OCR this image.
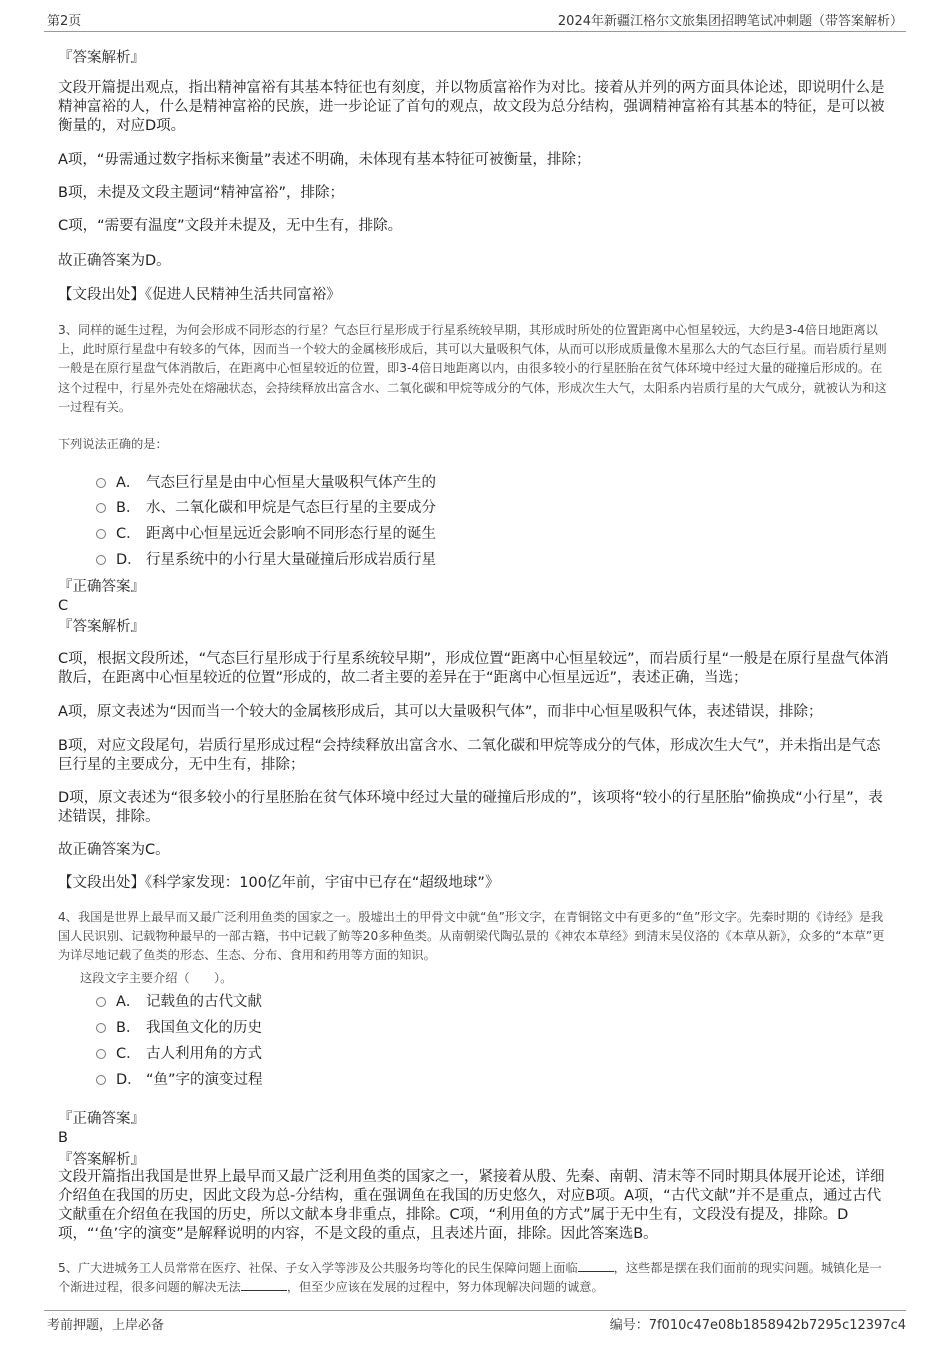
第2页	2024年新疆江格尔文旅集团招聘笔试冲刺题（带答案解析）
『答案解析』
文段开篇提出观点，指出精神富裕有其基本特征也有刻度，并以物质富裕作为对比。接着从并列的两方面具体论述，即说明什么是精神富裕的人，什么是精神富裕的民族，进一步论证了首句的观点，故文段为总分结构，强调精神富裕有其基本的特征，是可以被衡量的，对应D项。
A项，“毋需通过数字指标来衡量”表述不明确，未体现有基本特征可被衡量，排除；
B项，未提及文段主题词“精神富裕”，排除；
C项，“需要有温度”文段并未提及，无中生有，排除。
故正确答案为D。
【文段出处】《促进人民精神生活共同富裕》
3、同样的诞生过程，为何会形成不同形态的行星？气态巨行星形成于行星系统较早期，其形成时所处的位置距离中心恒星较远，大约是3-4倍日地距离以上，此时原行星盘中有较多的气体，因而当一个较大的金属核形成后，其可以大量吸积气体，从而可以形成质量像木星那么大的气态巨行星。而岩质行星则一般是在原行星盘气体消散后，在距离中心恒星较近的位置，即3-4倍日地距离以内，由很多较小的行星胚胎在贫气体环境中经过大量的碰撞后形成的。在这个过程中，行星外壳处在熔融状态，会持续释放出富含水、二氧化碳和甲烷等成分的气体，形成次生大气，太阳系内岩质行星的大气成分，就被认为和这一过程有关。
下列说法正确的是：
A． 气态巨行星是由中心恒星大量吸积气体产生的
B． 水、二氧化碳和甲烷是气态巨行星的主要成分
C． 距离中心恒星远近会影响不同形态行星的诞生
D． 行星系统中的小行星大量碰撞后形成岩质行星
『正确答案』
C
『答案解析』
C项，根据文段所述，“气态巨行星形成于行星系统较早期”，形成位置“距离中心恒星较远”，而岩质行星“一般是在原行星盘气体消散后，在距离中心恒星较近的位置”形成的，故二者主要的差异在于“距离中心恒星远近”，表述正确，当选；
A项，原文表述为“因而当一个较大的金属核形成后，其可以大量吸积气体”，而非中心恒星吸积气体，表述错误，排除；
B项，对应文段尾句，岩质行星形成过程“会持续释放出富含水、二氧化碳和甲烷等成分的气体，形成次生大气”，并未指出是气态巨行星的主要成分，无中生有，排除；
D项，原文表述为“很多较小的行星胚胎在贫气体环境中经过大量的碰撞后形成的”，该项将“较小的行星胚胎”偷换成“小行星”，表述错误，排除。
故正确答案为C。
【文段出处】《科学家发现：100亿年前，宇宙中已存在“超级地球”》
4、我国是世界上最早而又最广泛利用鱼类的国家之一。殷墟出土的甲骨文中就“鱼”形文字，在青铜铭文中有更多的“鱼”形文字。先秦时期的《诗经》是我国人民识别、记载物种最早的一部古籍，书中记载了鲂等20多种鱼类。从南朝梁代陶弘景的《神农本草经》到清末吴仪洛的《本草从新》，众多的“本草”更为详尽地记载了鱼类的形态、生态、分布、食用和药用等方面的知识。
这段文字主要介绍（　　）。
A． 记载鱼的古代文献
B． 我国鱼文化的历史
C． 古人利用角的方式
D． “鱼”字的演变过程
『正确答案』
B
『答案解析』
文段开篇指出我国是世界上最早而又最广泛利用鱼类的国家之一，紧接着从殷、先秦、南朝、清末等不同时期具体展开论述，详细介绍鱼在我国的历史，因此文段为总-分结构，重在强调鱼在我国的历史悠久，对应B项。A项，“古代文献”并不是重点，通过古代文献重在介绍鱼在我国的历史，所以文献本身非重点，排除。C项，“利用鱼的方式”属于无中生有，文段没有提及，排除。D项，“‘鱼’字的演变”是解释说明的内容，不是文段的重点，且表述片面，排除。因此答案选B。
5、广大进城务工人员常常在医疗、社保、子女入学等涉及公共服务均等化的民生保障问题上面临	，这些都是摆在我们面前的现实问题。城镇化是一个渐进过程，很多问题的解决无法	，但至少应该在发展的过程中，努力体现解决问题的诚意。
考前押题，上岸必备	编号：7f010c47e08b1858942b7295c12397c4
